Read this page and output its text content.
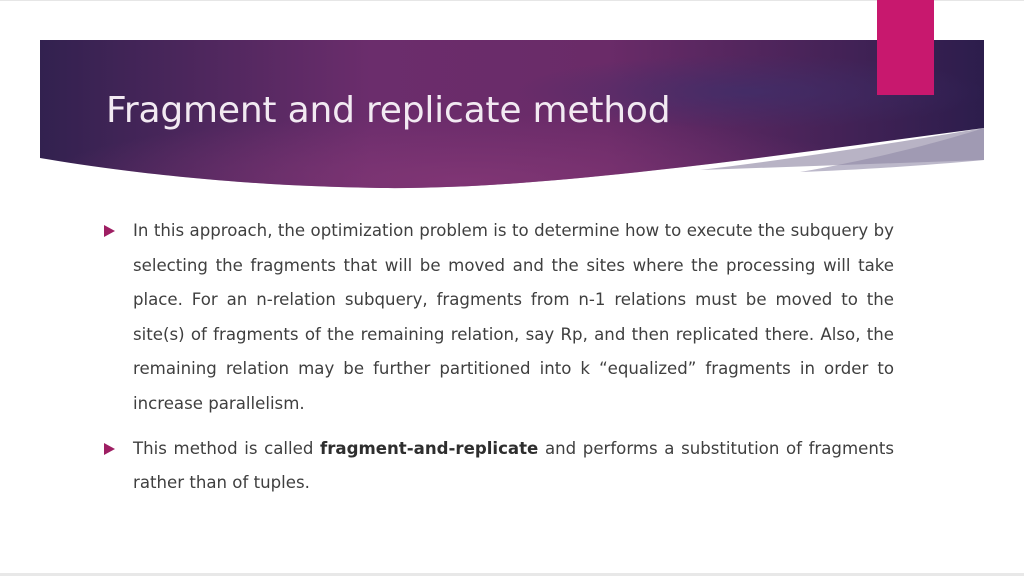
Fragment and replicate method

In this approach, the optimization problem is to determine how to execute the subquery by selecting the fragments that will be moved and the sites where the processing will take place. For an n-relation subquery, fragments from n-1 relations must be moved to the site(s) of fragments of the remaining relation, say Rp, and then replicated there. Also, the remaining relation may be further partitioned into k “equalized” fragments in order to increase parallelism.

This method is called fragment-and-replicate and performs a substitution of fragments rather than of tuples.
